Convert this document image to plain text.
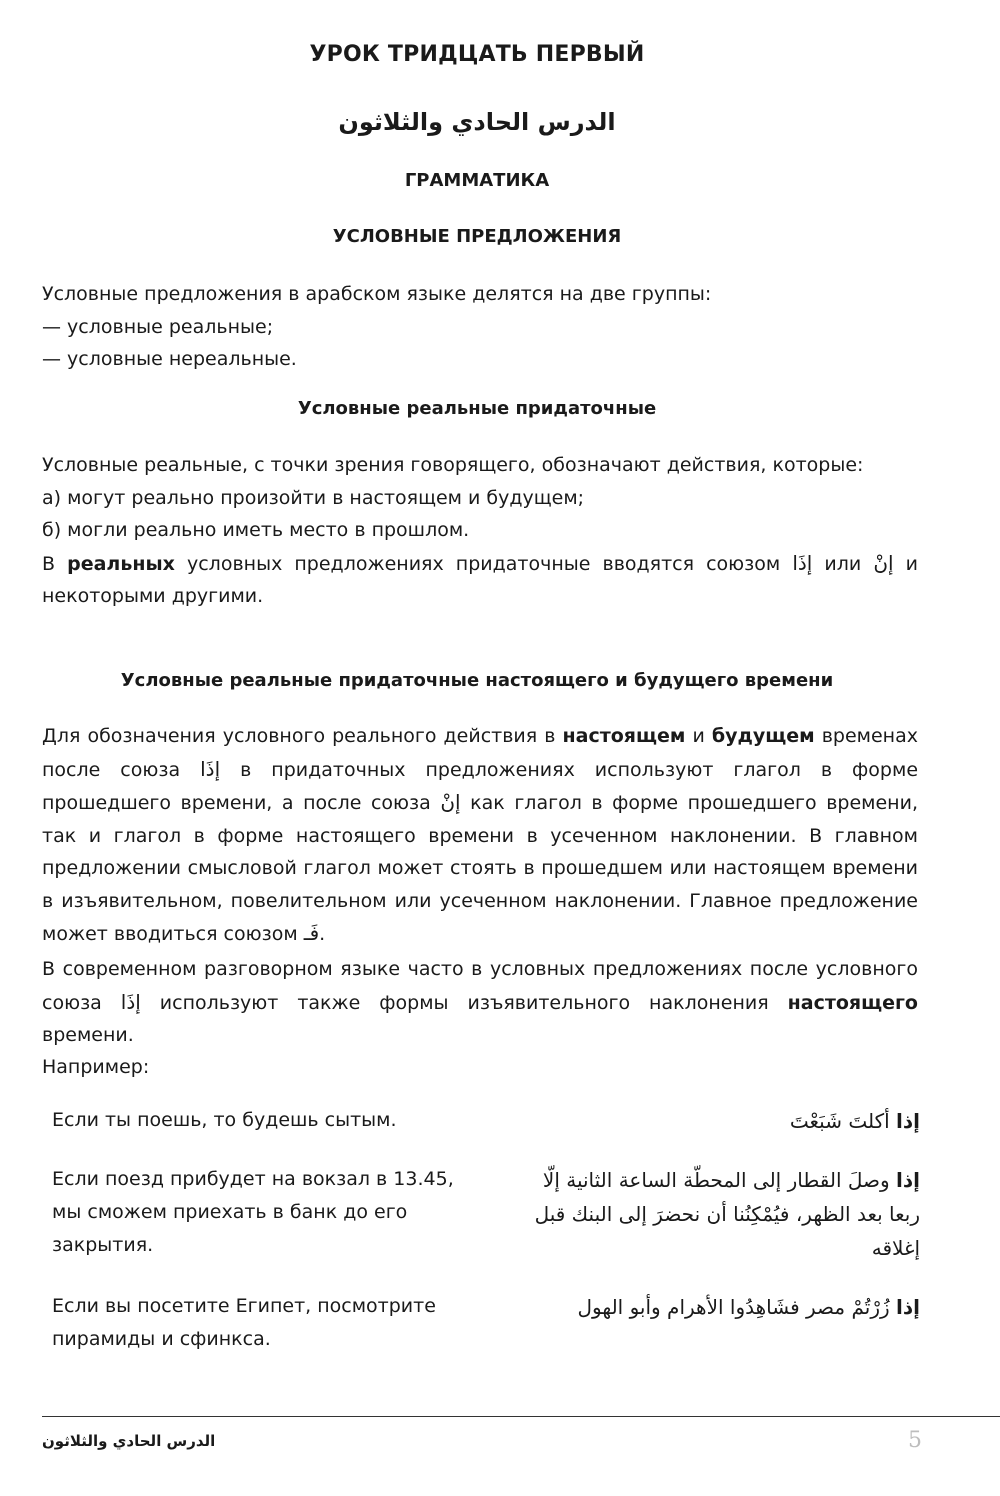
УРОК ТРИДЦАТЬ ПЕРВЫЙ
الدرس الحادي والثلاثون
ГРАММАТИКА
УСЛОВНЫЕ ПРЕДЛОЖЕНИЯ
Условные предложения в арабском языке делятся на две группы:
— условные реальные;
— условные нереальные.
Условные реальные придаточные
Условные реальные, с точки зрения говорящего, обозначают действия, которые:
а) могут реально произойти в настоящем и будущем;
б) могли реально иметь место в прошлом.
В реальных условных предложениях придаточные вводятся союзом إذَا или إنْ и некоторыми другими.
Условные реальные придаточные настоящего и будущего времени
Для обозначения условного реального действия в настоящем и будущем временах после союза إذَا в придаточных предложениях используют глагол в форме прошедшего времени, а после союза إنْ как глагол в форме прошедшего времени, так и глагол в форме настоящего времени в усеченном наклонении. В главном предложении смысловой глагол может стоять в прошедшем или настоящем времени в изъявительном, повелительном или усеченном наклонении. Главное предложение может вводиться союзом فَـ.
В современном разговорном языке часто в условных предложениях после условного союза إذَا используют также формы изъявительного наклонения настоящего времени.
Например:
Если ты поешь, то будешь сытым.	إذا أكلتَ شَبَعْتَ
Если поезд прибудет на вокзал в 13.45, мы сможем приехать в банк до его закрытия.
إذا وصلَ القطار إلى المحطّة الساعة الثانية إلّا ربعا بعد الظهر، فيُمْكِنُنا أن نحضرَ إلى البنك قبل إغلاقه
Если вы посетите Египет, посмотрите пирамиды и сфинкса.
إذا زُرْتُمْ مصر فشَاهِدُوا الأهرام وأبو الهول
الدرس الحادي والثلاثون	5
